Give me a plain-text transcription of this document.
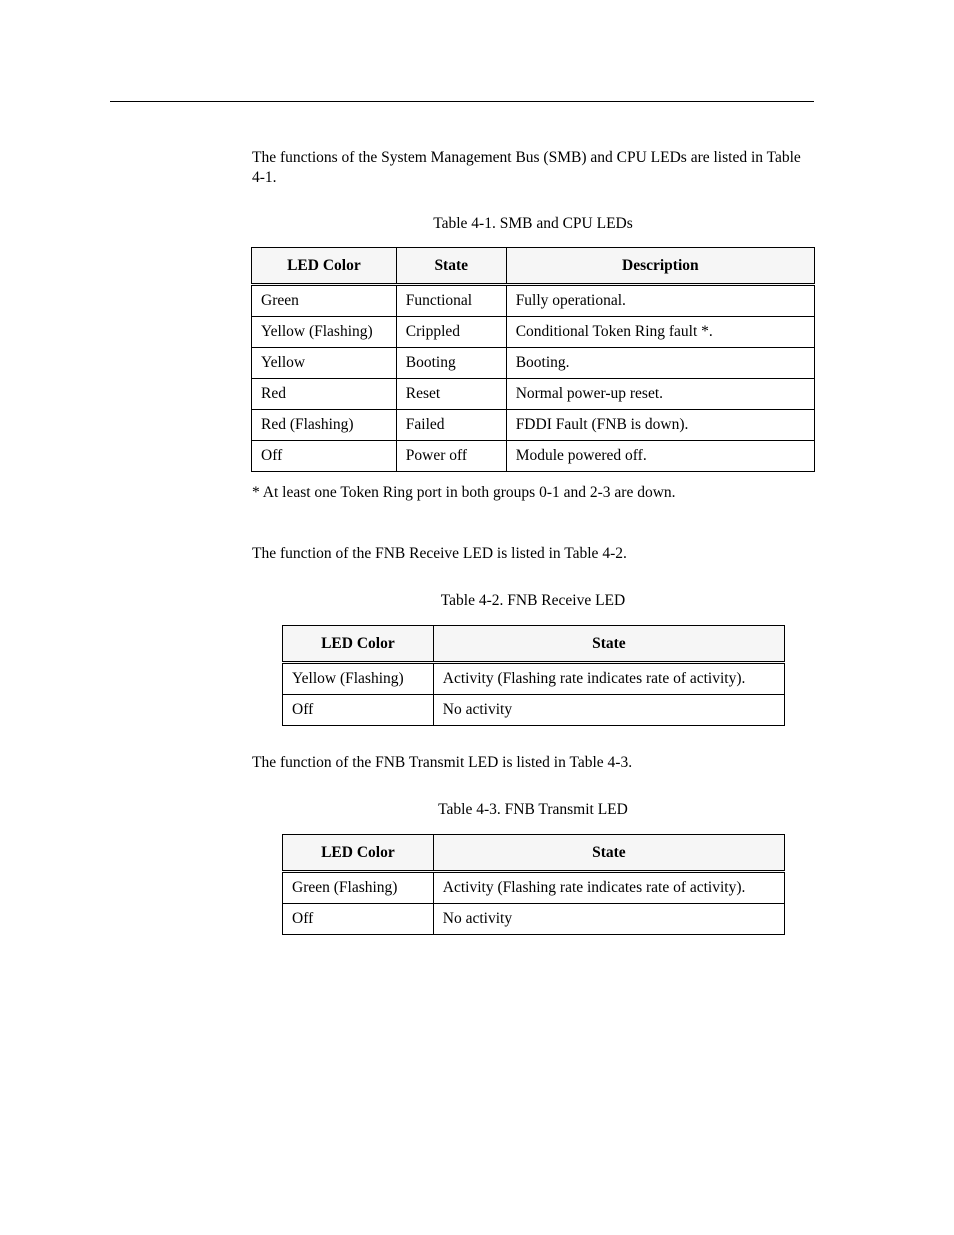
The functions of the System Management Bus (SMB) and CPU LEDs are listed in Table 4-1.

Table 4-1. SMB and CPU LEDs

LED Color	State	Description
Green	Functional	Fully operational.
Yellow (Flashing)	Crippled	Conditional Token Ring fault *.
Yellow	Booting	Booting.
Red	Reset	Normal power-up reset.
Red (Flashing)	Failed	FDDI Fault (FNB is down).
Off	Power off	Module powered off.

* At least one Token Ring port in both groups 0-1 and 2-3 are down.

The function of the FNB Receive LED is listed in Table 4-2.

Table 4-2. FNB Receive LED

LED Color	State
Yellow (Flashing)	Activity (Flashing rate indicates rate of activity).
Off	No activity

The function of the FNB Transmit LED is listed in Table 4-3.

Table 4-3. FNB Transmit LED

LED Color	State
Green (Flashing)	Activity (Flashing rate indicates rate of activity).
Off	No activity
